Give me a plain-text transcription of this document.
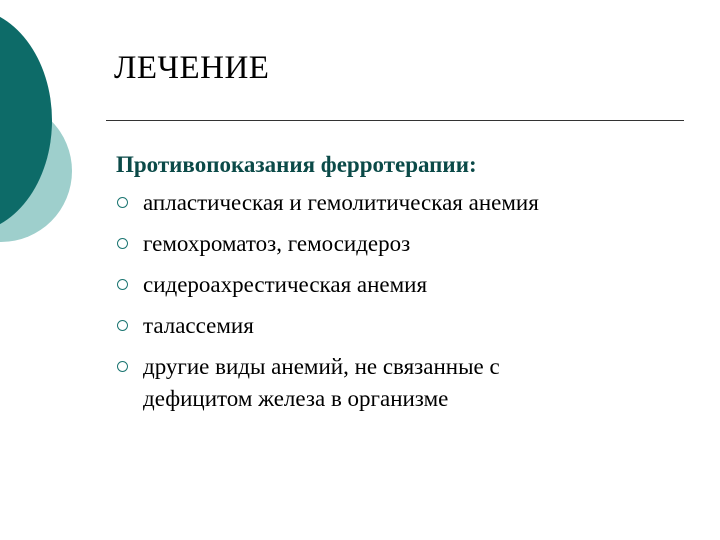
ЛЕЧЕНИЕ
Противопоказания ферротерапии:
апластическая и гемолитическая анемия
гемохроматоз, гемосидероз
сидероахрестическая анемия
талассемия
другие виды анемий, не связанные с
дефицитом железа в организме
